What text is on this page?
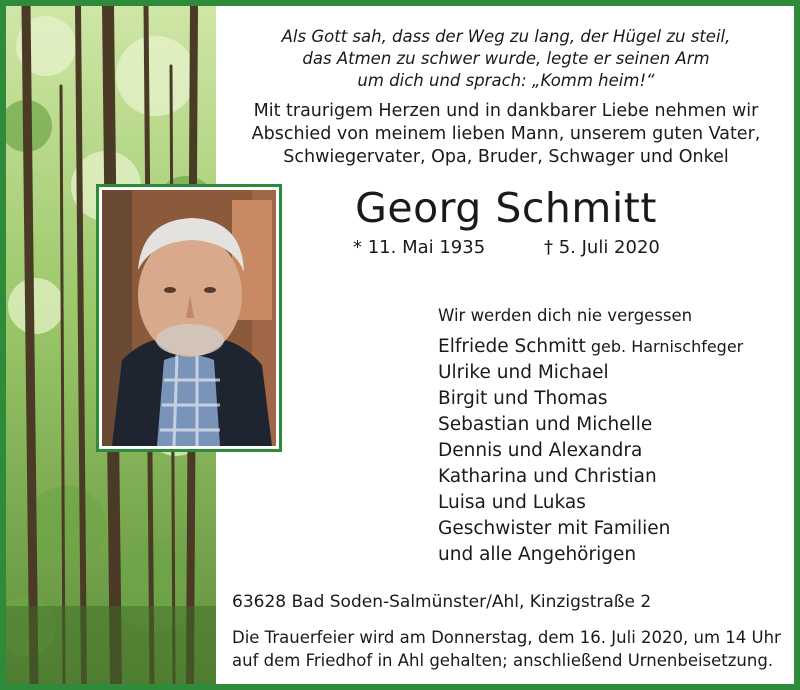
Als Gott sah, dass der Weg zu lang, der Hügel zu steil,
das Atmen zu schwer wurde, legte er seinen Arm
um dich und sprach: „Komm heim!“
Mit traurigem Herzen und in dankbarer Liebe nehmen wir
Abschied von meinem lieben Mann, unserem guten Vater,
Schwiegervater, Opa, Bruder, Schwager und Onkel
Georg Schmitt
* 11. Mai 1935	† 5. Juli 2020
Wir werden dich nie vergessen
Elfriede Schmitt geb. Harnischfeger
Ulrike und Michael
Birgit und Thomas
Sebastian und Michelle
Dennis und Alexandra
Katharina und Christian
Luisa und Lukas
Geschwister mit Familien
und alle Angehörigen
63628 Bad Soden-Salmünster/Ahl, Kinzigstraße 2
Die Trauerfeier wird am Donnerstag, dem 16. Juli 2020, um 14 Uhr
auf dem Friedhof in Ahl gehalten; anschließend Urnenbeisetzung.
